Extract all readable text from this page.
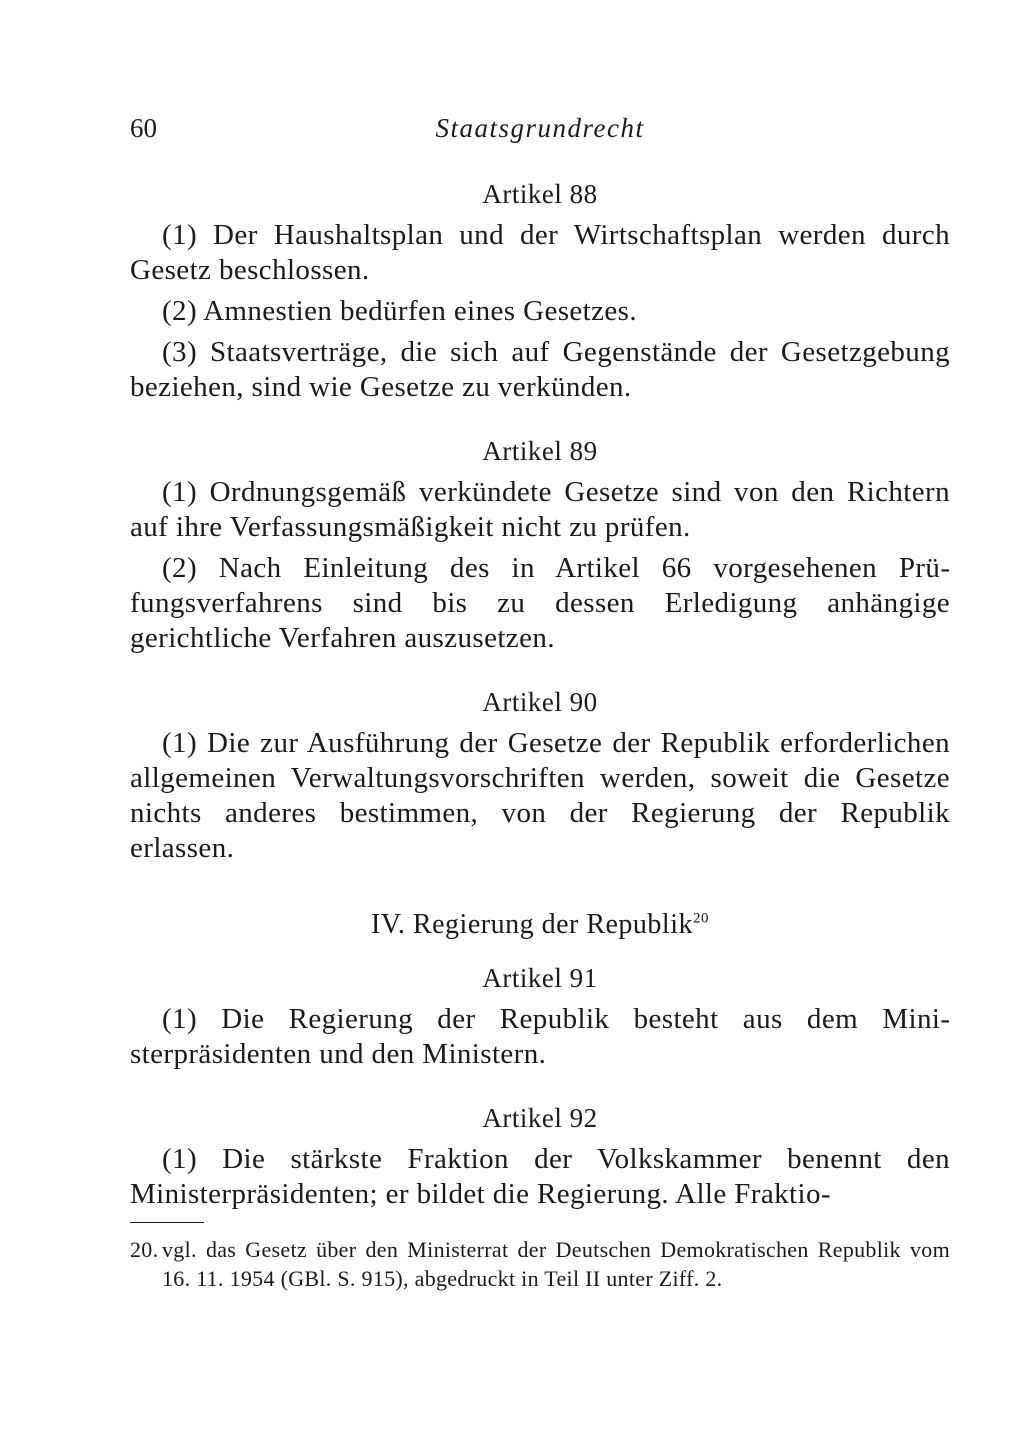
60	Staatsgrundrecht
Artikel 88

(1) Der Haushaltsplan und der Wirtschaftsplan werden durch Gesetz beschlossen.

(2) Amnestien bedürfen eines Gesetzes.

(3) Staatsverträge, die sich auf Gegenstände der Gesetzgebung beziehen, sind wie Gesetze zu verkünden.

Artikel 89

(1) Ordnungsgemäß verkündete Gesetze sind von den Richtern auf ihre Verfassungsmäßigkeit nicht zu prüfen.

(2) Nach Einleitung des in Artikel 66 vorgesehenen Prüfungsverfahrens sind bis zu dessen Erledigung anhängige gerichtliche Verfahren auszusetzen.

Artikel 90

(1) Die zur Ausführung der Gesetze der Republik erforderlichen allgemeinen Verwaltungsvorschriften werden, soweit die Gesetze nichts anderes bestimmen, von der Regierung der Republik erlassen.

IV. Regierung der Republik$^{20}$
Artikel 91

(1) Die Regierung der Republik besteht aus dem Ministerpräsidenten und den Ministern.

Artikel 92

(1) Die stärkste Fraktion der Volkskammer benennt den Ministerpräsidenten; er bildet die Regierung. Alle Fraktio-

20. vgl. das Gesetz über den Ministerrat der Deutschen Demokratischen Republik vom 16. 11. 1954 (GBl. S. 915), abgedruckt in Teil II unter Ziff. 2.
